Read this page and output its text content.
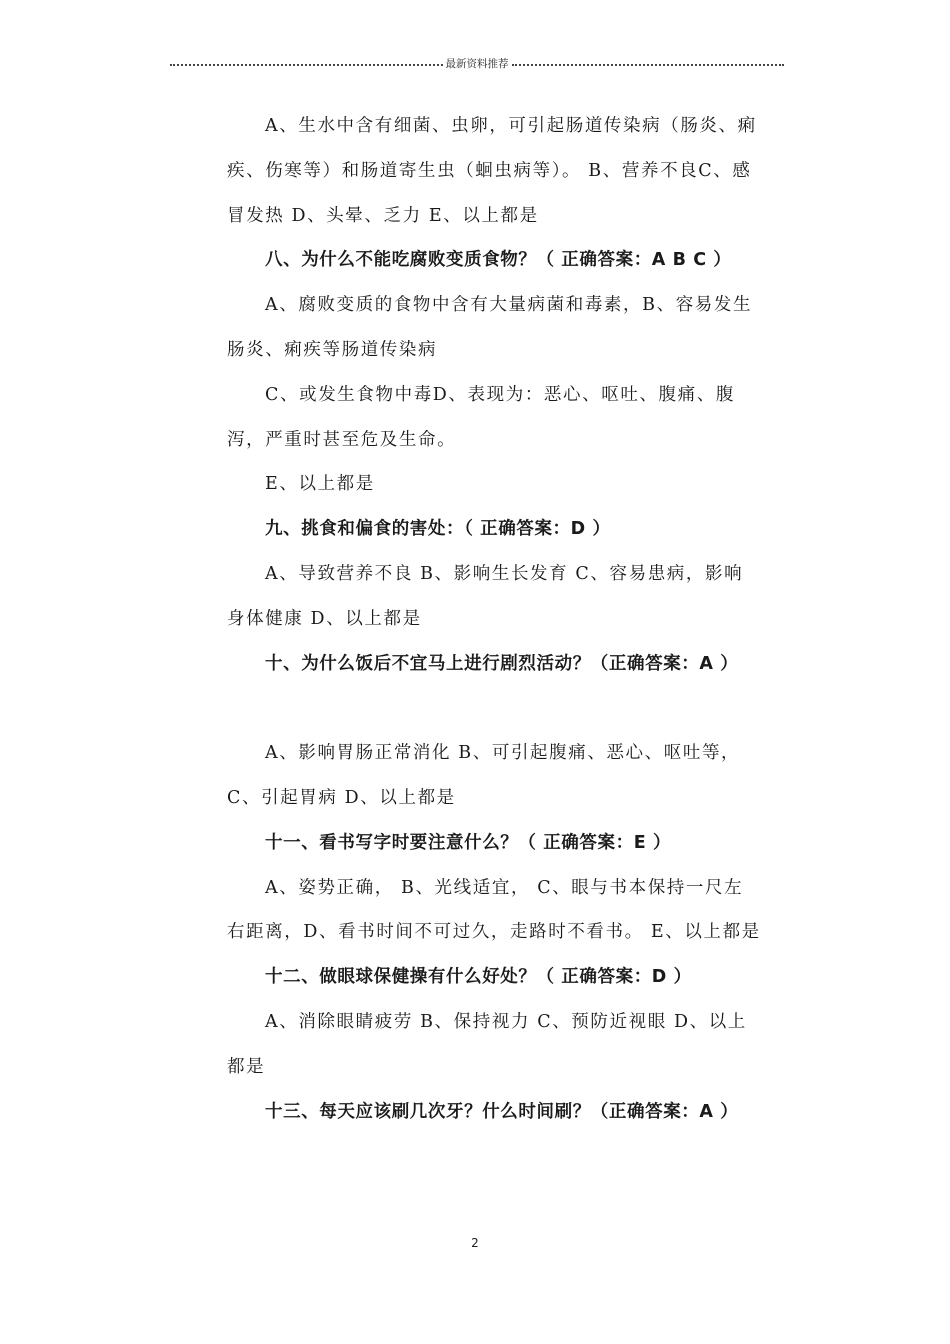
最新资料推荐

A、生水中含有细菌、虫卵，可引起肠道传染病（肠炎、痢疾、伤寒等）和肠道寄生虫（蛔虫病等）。 B、营养不良C、感冒发热 D、头晕、乏力 E、以上都是

八、为什么不能吃腐败变质食物？（ 正确答案：A B C ）

A、腐败变质的食物中含有大量病菌和毒素，B、容易发生肠炎、痢疾等肠道传染病

C、或发生食物中毒D、表现为：恶心、呕吐、腹痛、腹泻，严重时甚至危及生命。

E、以上都是

九、挑食和偏食的害处：（ 正确答案：D ）

A、导致营养不良 B、影响生长发育 C、容易患病，影响身体健康 D、以上都是

十、为什么饭后不宜马上进行剧烈活动？（正确答案：A ）

A、影响胃肠正常消化 B、可引起腹痛、恶心、呕吐等，C、引起胃病 D、以上都是

十一、看书写字时要注意什么？（ 正确答案：E ）

A、姿势正确， B、光线适宜， C、眼与书本保持一尺左右距离，D、看书时间不可过久，走路时不看书。 E、以上都是

十二、做眼球保健操有什么好处？（ 正确答案：D ）

A、消除眼睛疲劳 B、保持视力 C、预防近视眼 D、以上都是

十三、每天应该刷几次牙？什么时间刷？（正确答案：A ）

2
